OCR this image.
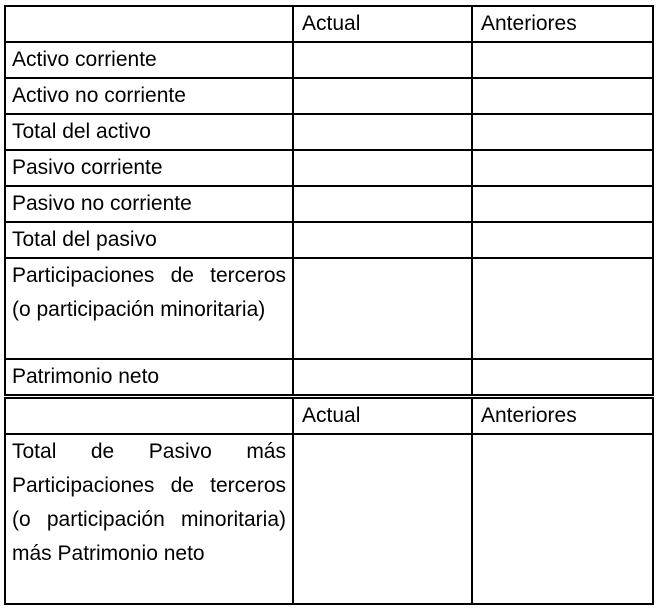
	Actual	Anteriores
Activo corriente		
Activo no corriente		
Total del activo		
Pasivo corriente		
Pasivo no corriente		
Total del pasivo		
Participaciones de terceros (o participación minoritaria)		
Patrimonio neto		
	Actual	Anteriores
Total de Pasivo más Participaciones de terceros (o participación minoritaria) más Patrimonio neto		
